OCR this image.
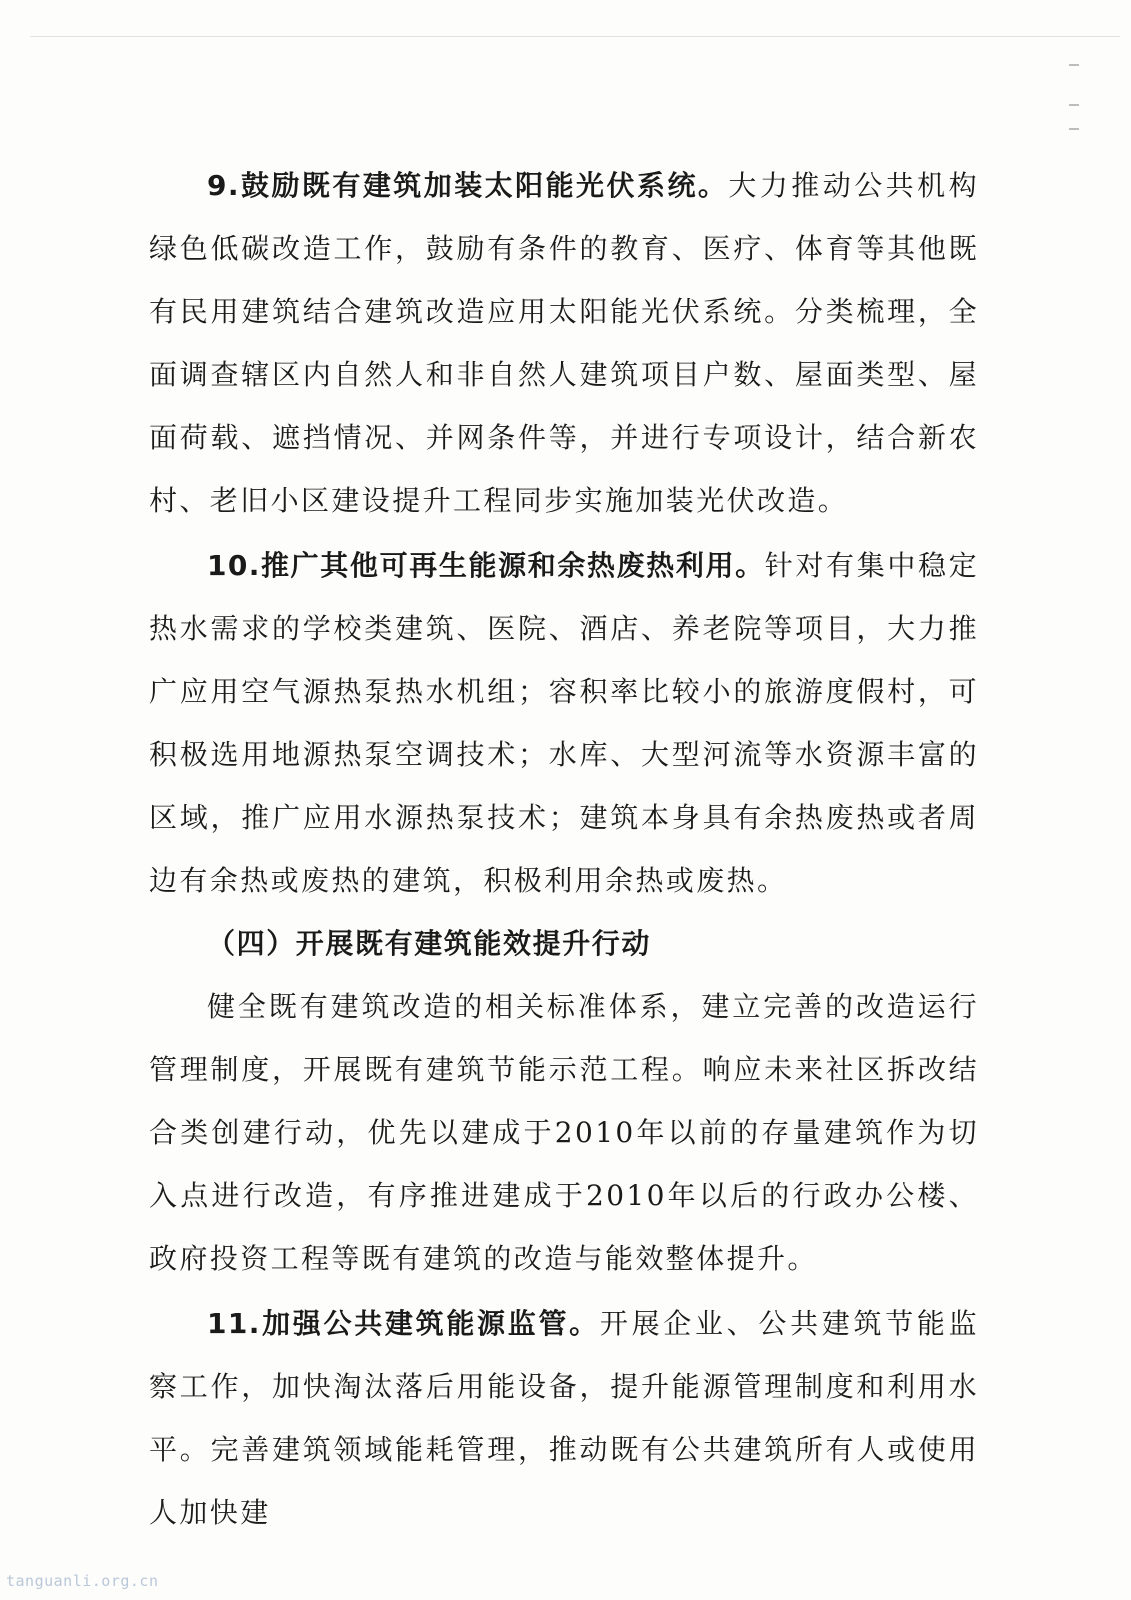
9.鼓励既有建筑加装太阳能光伏系统。大力推动公共机构绿色低碳改造工作，鼓励有条件的教育、医疗、体育等其他既有民用建筑结合建筑改造应用太阳能光伏系统。分类梳理，全面调查辖区内自然人和非自然人建筑项目户数、屋面类型、屋面荷载、遮挡情况、并网条件等，并进行专项设计，结合新农村、老旧小区建设提升工程同步实施加装光伏改造。

10.推广其他可再生能源和余热废热利用。针对有集中稳定热水需求的学校类建筑、医院、酒店、养老院等项目，大力推广应用空气源热泵热水机组；容积率比较小的旅游度假村，可积极选用地源热泵空调技术；水库、大型河流等水资源丰富的区域，推广应用水源热泵技术；建筑本身具有余热废热或者周边有余热或废热的建筑，积极利用余热或废热。

（四）开展既有建筑能效提升行动

健全既有建筑改造的相关标准体系，建立完善的改造运行管理制度，开展既有建筑节能示范工程。响应未来社区拆改结合类创建行动，优先以建成于2010年以前的存量建筑作为切入点进行改造，有序推进建成于2010年以后的行政办公楼、政府投资工程等既有建筑的改造与能效整体提升。

11.加强公共建筑能源监管。开展企业、公共建筑节能监察工作，加快淘汰落后用能设备，提升能源管理制度和利用水平。完善建筑领域能耗管理，推动既有公共建筑所有人或使用人加快建

tanguanli.org.cn
